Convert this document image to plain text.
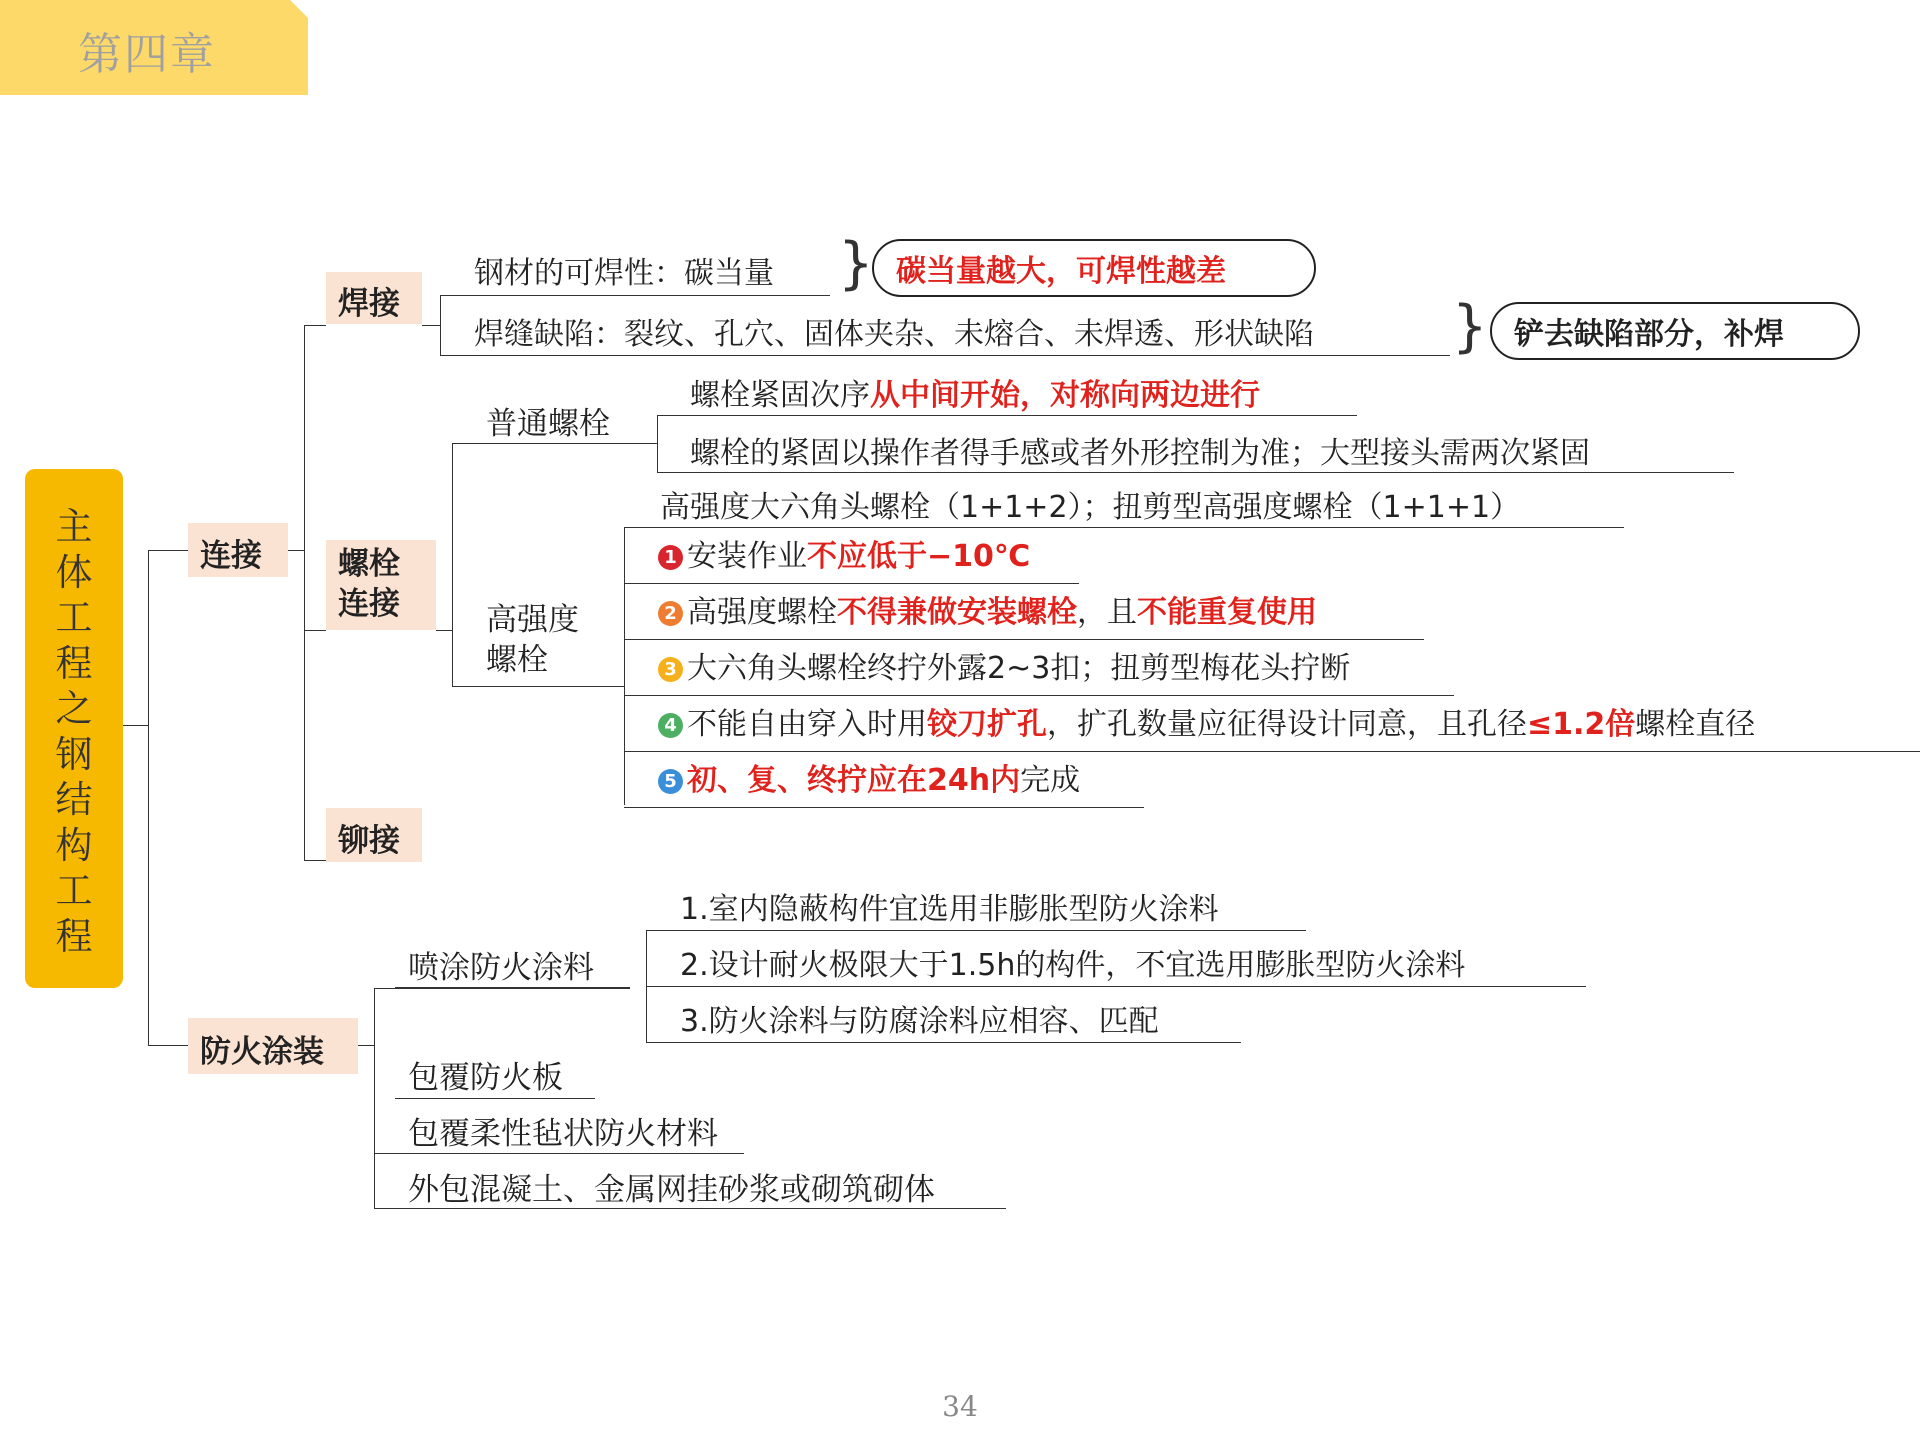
第四章
主
体
工
程
之
钢
结
构
工
程
连接
焊接
钢材的可焊性：碳当量
焊缝缺陷：裂纹、孔穴、固体夹杂、未熔合、未焊透、形状缺陷
} 碳当量越大，可焊性越差
} 铲去缺陷部分，补焊
螺栓
连接
普通螺栓
螺栓紧固次序从中间开始，对称向两边进行
螺栓的紧固以操作者得手感或者外形控制为准；大型接头需两次紧固
高强度
螺栓
高强度大六角头螺栓（1+1+2）；扭剪型高强度螺栓（1+1+1）
1 安装作业不应低于−10℃
2 高强度螺栓不得兼做安装螺栓，且不能重复使用
3 大六角头螺栓终拧外露2~3扣；扭剪型梅花头拧断
4 不能自由穿入时用铰刀扩孔，扩孔数量应征得设计同意，且孔径≤1.2倍螺栓直径
5 初、复、终拧应在24h内完成
铆接
防火涂装
喷涂防火涂料
1.室内隐蔽构件宜选用非膨胀型防火涂料
2.设计耐火极限大于1.5h的构件，不宜选用膨胀型防火涂料
3.防火涂料与防腐涂料应相容、匹配
包覆防火板
包覆柔性毡状防火材料
外包混凝土、金属网挂砂浆或砌筑砌体
34
